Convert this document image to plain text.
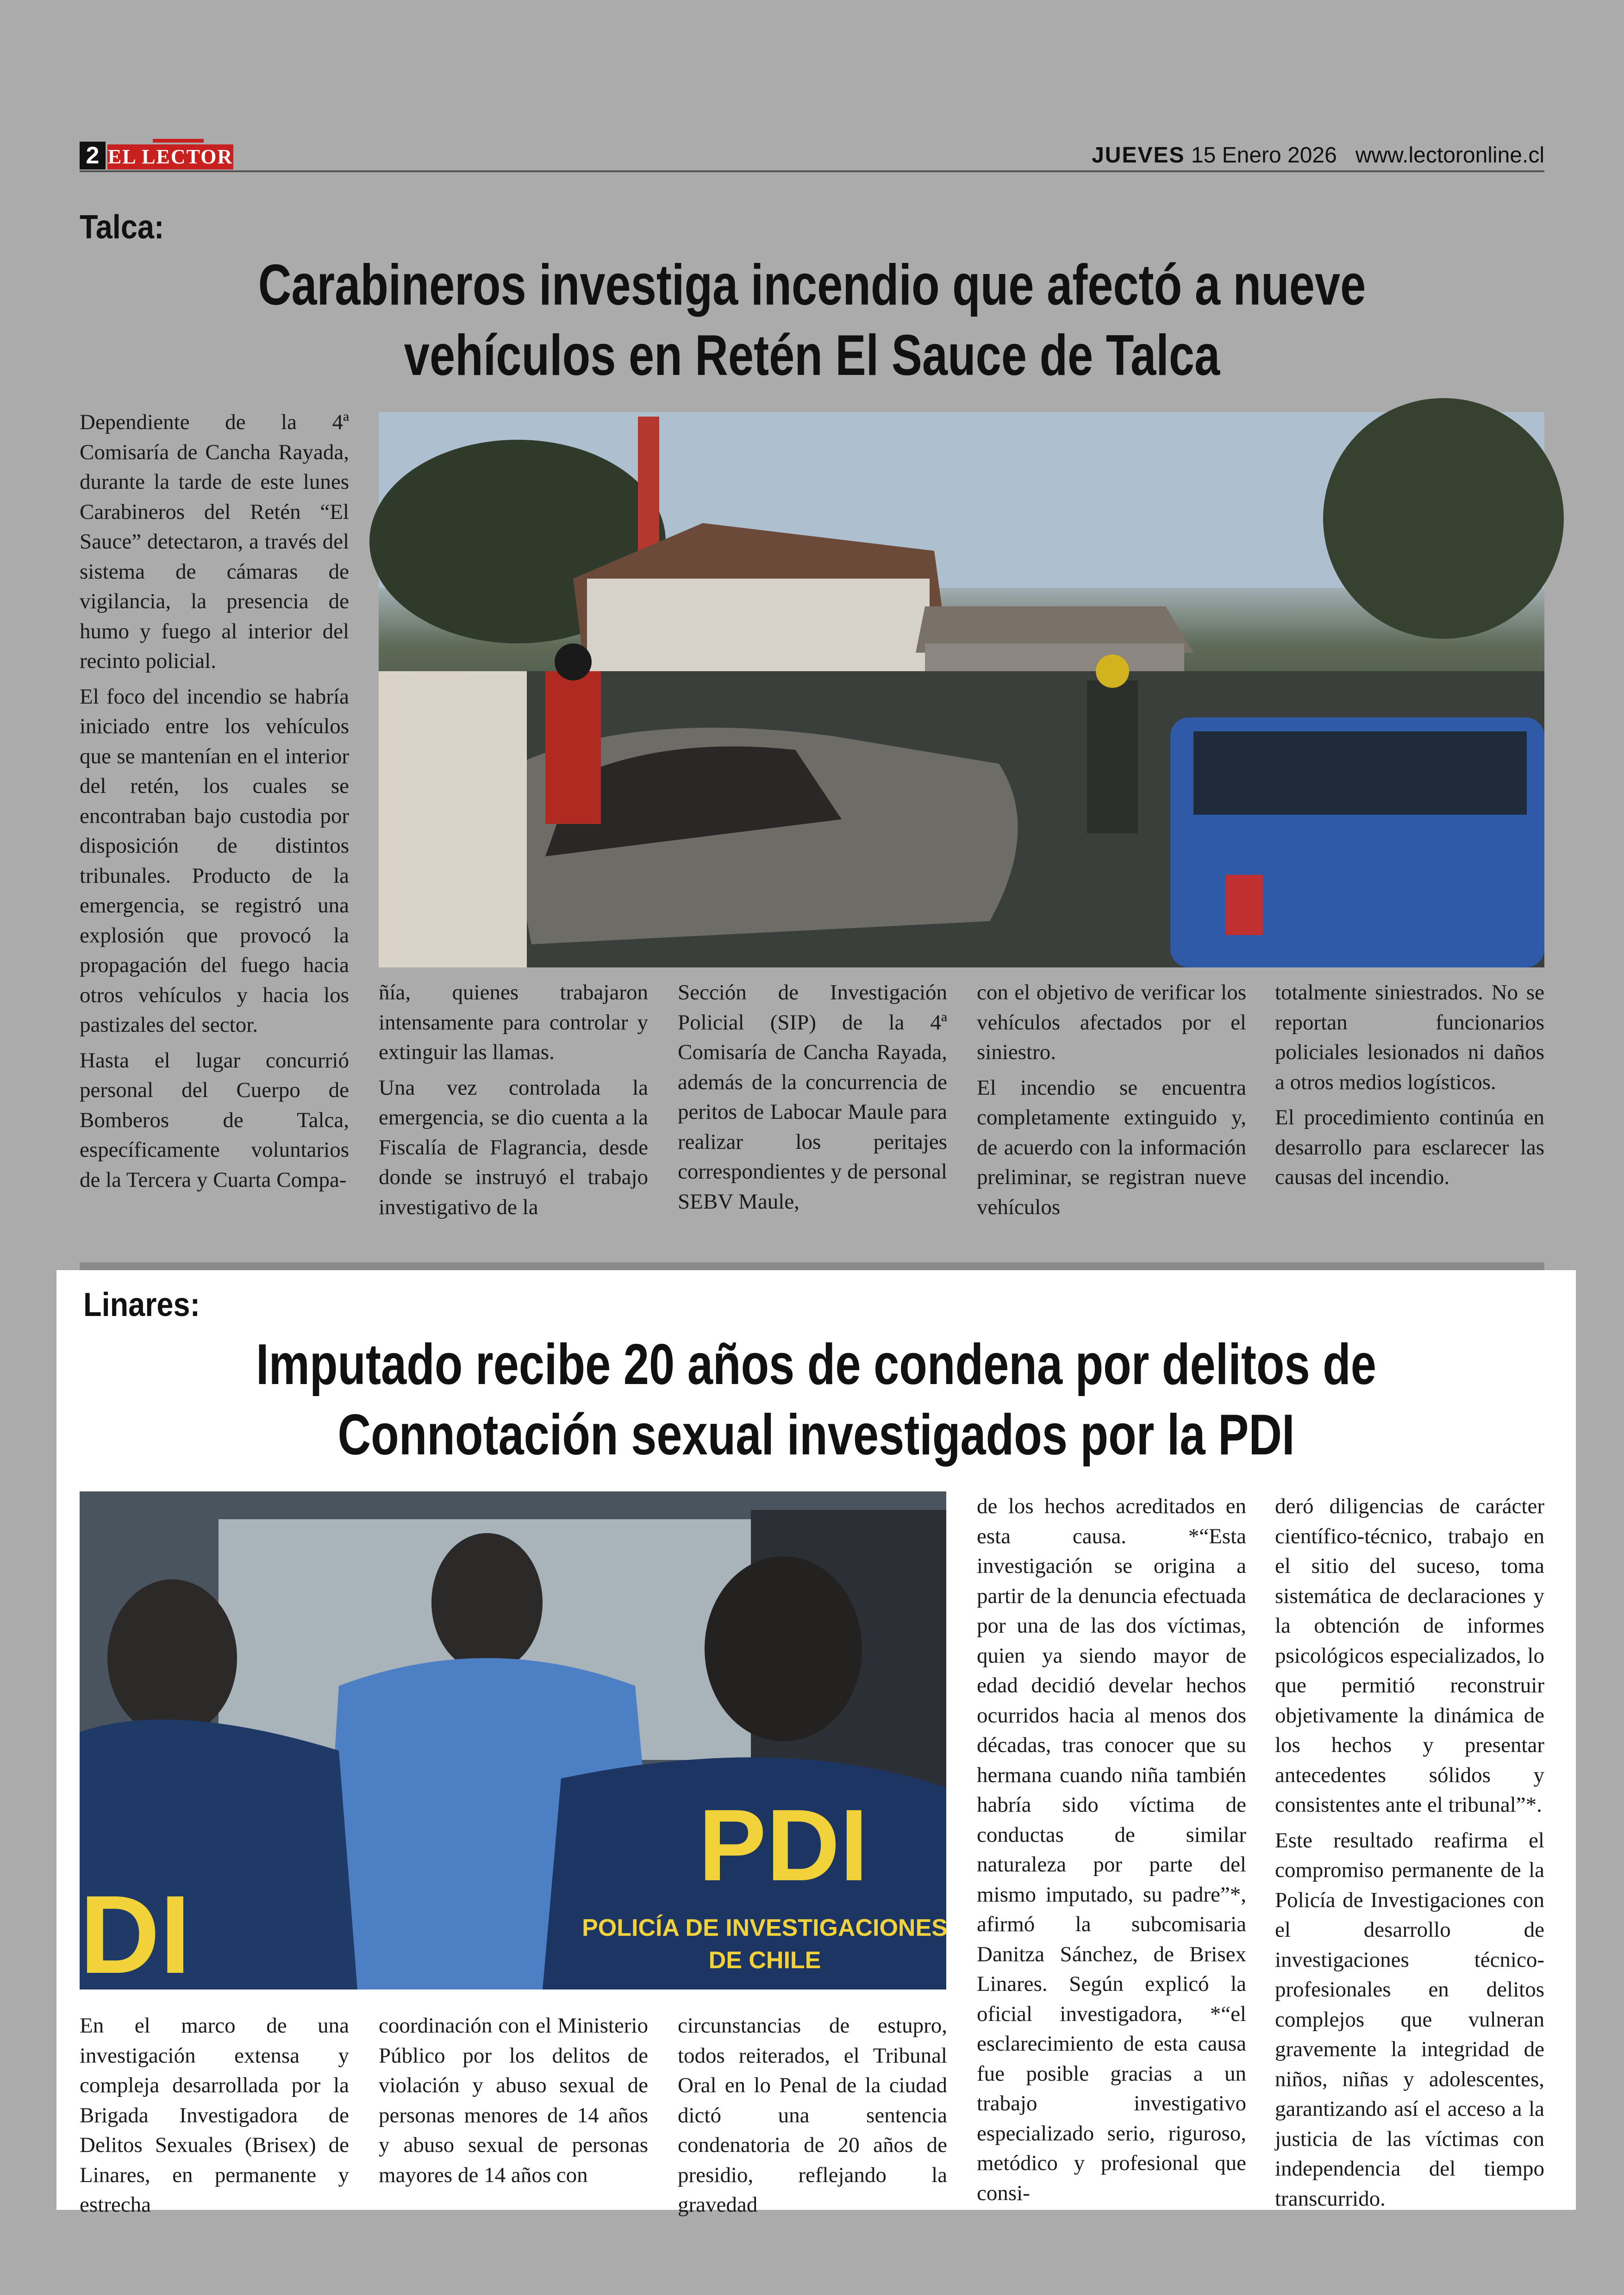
2 EL LECTOR	JUEVES 15 Enero 2026 www.lectoronline.cl
Talca:
Carabineros investiga incendio que afectó a nueve
vehículos en Retén El Sauce de Talca

Dependiente de la 4ª Comisaría de Cancha Rayada, durante la tarde de este lunes Carabineros del Retén “El Sauce” detectaron, a través del sistema de cámaras de vigilancia, la presencia de humo y fuego al interior del recinto policial.

El foco del incendio se habría iniciado entre los vehículos que se mantenían en el interior del retén, los cuales se encontraban bajo custodia por disposición de distintos tribunales. Producto de la emergencia, se registró una explosión que provocó la propagación del fuego hacia otros vehículos y hacia los pastizales del sector.

Hasta el lugar concurrió personal del Cuerpo de Bomberos de Talca, específicamente voluntarios de la Tercera y Cuarta Compa-

ñía, quienes trabajaron intensamente para controlar y extinguir las llamas.

Una vez controlada la emergencia, se dio cuenta a la Fiscalía de Flagrancia, desde donde se instruyó el trabajo investigativo de la

Sección de Investigación Policial (SIP) de la 4ª Comisaría de Cancha Rayada, además de la concurrencia de peritos de Labocar Maule para realizar los peritajes correspondientes y de personal SEBV Maule,

con el objetivo de verificar los vehículos afectados por el siniestro.

El incendio se encuentra completamente extinguido y, de acuerdo con la información preliminar, se registran nueve vehículos

totalmente siniestrados. No se reportan funcionarios policiales lesionados ni daños a otros medios logísticos.

El procedimiento continúa en desarrollo para esclarecer las causas del incendio.

Linares:
Imputado recibe 20 años de condena por delitos de
Connotación sexual investigados por la PDI
PDI
POLICÍA DE INVESTIGACIONES
DE CHILE
DI

En el marco de una investigación extensa y compleja desarrollada por la Brigada Investigadora de Delitos Sexuales (Brisex) de Linares, en permanente y estrecha

coordinación con el Ministerio Público por los delitos de violación y abuso sexual de personas menores de 14 años y abuso sexual de personas mayores de 14 años con

circunstancias de estupro, todos reiterados, el Tribunal Oral en lo Penal de la ciudad dictó una sentencia condenatoria de 20 años de presidio, reflejando la gravedad

de los hechos acreditados en esta causa. *“Esta investigación se origina a partir de la denuncia efectuada por una de las dos víctimas, quien ya siendo mayor de edad decidió develar hechos ocurridos hacia al menos dos décadas, tras conocer que su hermana cuando niña también habría sido víctima de conductas de similar naturaleza por parte del mismo imputado, su padre”*, afirmó la subcomisaria Danitza Sánchez, de Brisex Linares. Según explicó la oficial investigadora, *“el esclarecimiento de esta causa fue posible gracias a un trabajo investigativo especializado serio, riguroso, metódico y profesional que consi-

deró diligencias de carácter científico-técnico, trabajo en el sitio del suceso, toma sistemática de declaraciones y la obtención de informes psicológicos especializados, lo que permitió reconstruir objetivamente la dinámica de los hechos y presentar antecedentes sólidos y consistentes ante el tribunal”*.

Este resultado reafirma el compromiso permanente de la Policía de Investigaciones con el desarrollo de investigaciones técnico-profesionales en delitos complejos que vulneran gravemente la integridad de niños, niñas y adolescentes, garantizando así el acceso a la justicia de las víctimas con independencia del tiempo transcurrido.
